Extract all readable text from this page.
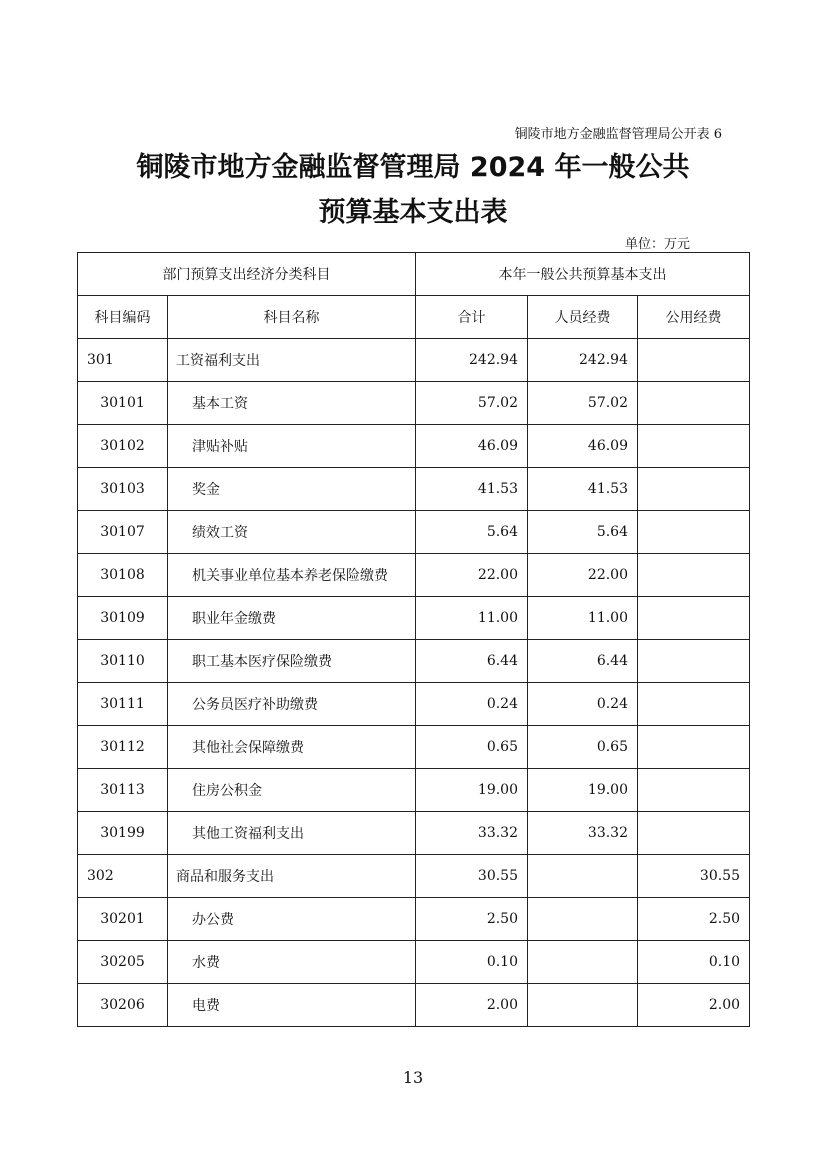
铜陵市地方金融监督管理局公开表 6
铜陵市地方金融监督管理局 2024 年一般公共
预算基本支出表
单位：万元
部门预算支出经济分类科目		本年一般公共预算基本支出		
科目编码	科目名称	合计	人员经费	公用经费
301	工资福利支出	242.94	242.94	
30101	基本工资	57.02	57.02	
30102	津贴补贴	46.09	46.09	
30103	奖金	41.53	41.53	
30107	绩效工资	5.64	5.64	
30108	机关事业单位基本养老保险缴费	22.00	22.00	
30109	职业年金缴费	11.00	11.00	
30110	职工基本医疗保险缴费	6.44	6.44	
30111	公务员医疗补助缴费	0.24	0.24	
30112	其他社会保障缴费	0.65	0.65	
30113	住房公积金	19.00	19.00	
30199	其他工资福利支出	33.32	33.32	
302	商品和服务支出	30.55		30.55
30201	办公费	2.50		2.50
30205	水费	0.10		0.10
30206	电费	2.00		2.00
13
